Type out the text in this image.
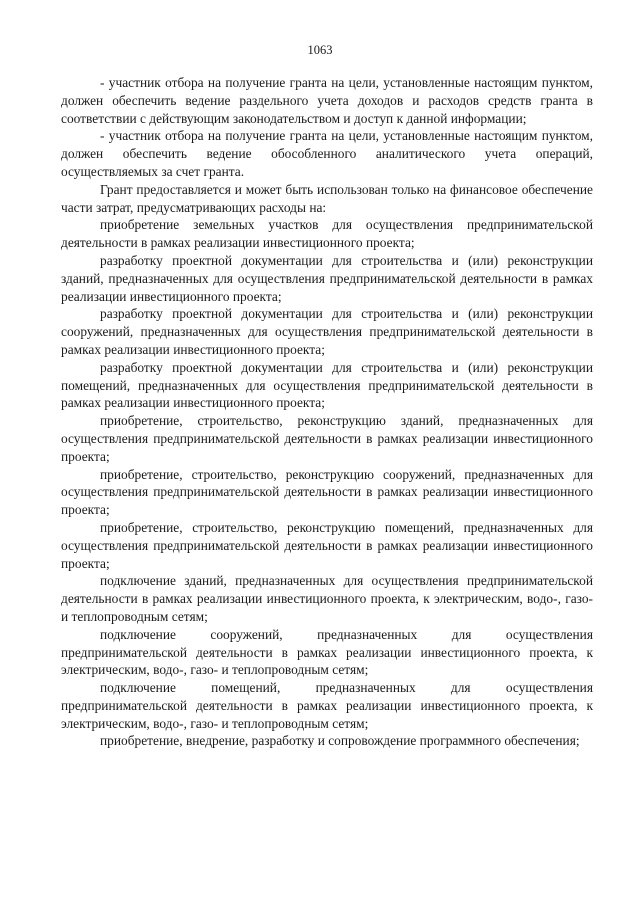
1063

- участник отбора на получение гранта на цели, установленные настоящим пунктом, должен обеспечить ведение раздельного учета доходов и расходов средств гранта в соответствии с действующим законодательством и доступ к данной информации;

- участник отбора на получение гранта на цели, установленные настоящим пунктом, должен обеспечить ведение обособленного аналитического учета операций, осуществляемых за счет гранта.

Грант предоставляется и может быть использован только на финансовое обеспечение части затрат, предусматривающих расходы на:

приобретение земельных участков для осуществления предпринимательской деятельности в рамках реализации инвестиционного проекта;

разработку проектной документации для строительства и (или) реконструкции зданий, предназначенных для осуществления предпринимательской деятельности в рамках реализации инвестиционного проекта;

разработку проектной документации для строительства и (или) реконструкции сооружений, предназначенных для осуществления предпринимательской деятельности в рамках реализации инвестиционного проекта;

разработку проектной документации для строительства и (или) реконструкции помещений, предназначенных для осуществления предпринимательской деятельности в рамках реализации инвестиционного проекта;

приобретение, строительство, реконструкцию зданий, предназначенных для осуществления предпринимательской деятельности в рамках реализации инвестиционного проекта;

приобретение, строительство, реконструкцию сооружений, предназначенных для осуществления предпринимательской деятельности в рамках реализации инвестиционного проекта;

приобретение, строительство, реконструкцию помещений, предназначенных для осуществления предпринимательской деятельности в рамках реализации инвестиционного проекта;

подключение зданий, предназначенных для осуществления предпринимательской деятельности в рамках реализации инвестиционного проекта, к электрическим, водо-, газо- и теплопроводным сетям;

подключение сооружений, предназначенных для осуществления предпринимательской деятельности в рамках реализации инвестиционного проекта, к электрическим, водо-, газо- и теплопроводным сетям;

подключение помещений, предназначенных для осуществления предпринимательской деятельности в рамках реализации инвестиционного проекта, к электрическим, водо-, газо- и теплопроводным сетям;

приобретение, внедрение, разработку и сопровождение программного обеспечения;
